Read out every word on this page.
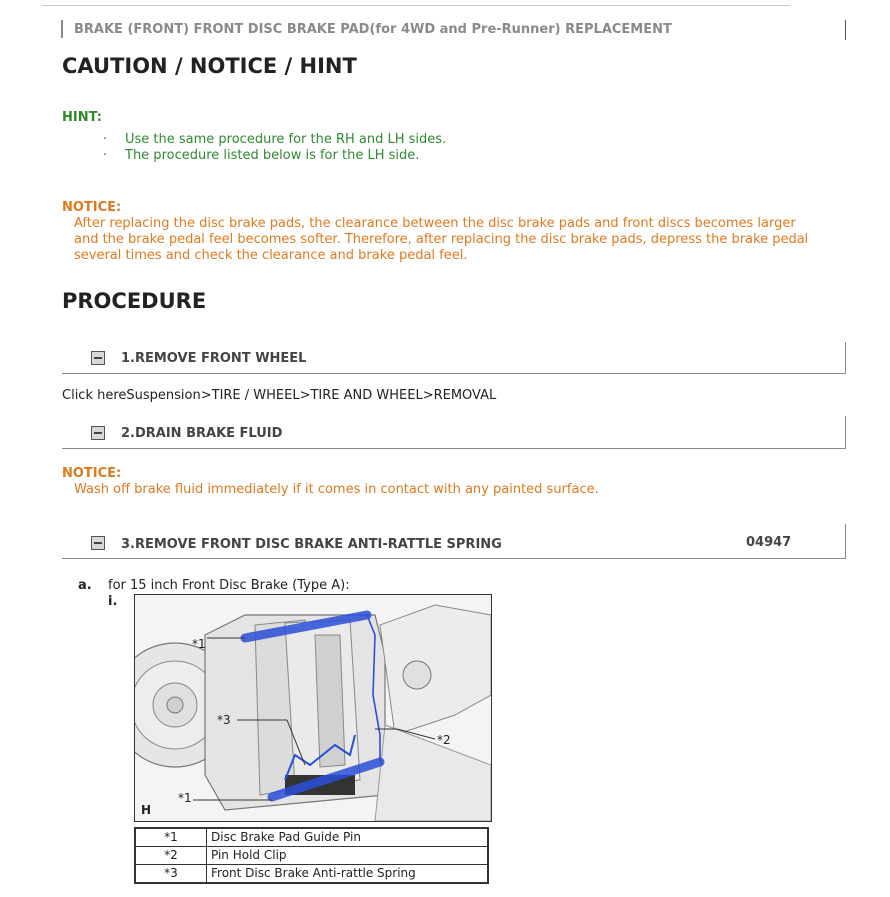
BRAKE (FRONT) FRONT DISC BRAKE PAD(for 4WD and Pre-Runner) REPLACEMENT
CAUTION / NOTICE / HINT
HINT:
· Use the same procedure for the RH and LH sides.
· The procedure listed below is for the LH side.
NOTICE:
After replacing the disc brake pads, the clearance between the disc brake pads and front discs becomes larger
and the brake pedal feel becomes softer. Therefore, after replacing the disc brake pads, depress the brake pedal
several times and check the clearance and brake pedal feel.
PROCEDURE
1.REMOVE FRONT WHEEL
Click hereSuspension>TIRE / WHEEL>TIRE AND WHEEL>REMOVAL
2.DRAIN BRAKE FLUID
NOTICE:
Wash off brake fluid immediately if it comes in contact with any painted surface.
3.REMOVE FRONT DISC BRAKE ANTI-RATTLE SPRING	04947
a. for 15 inch Front Disc Brake (Type A):
i.
*1
*3
*2
*1
H
*1	Disc Brake Pad Guide Pin
*2	Pin Hold Clip
*3	Front Disc Brake Anti-rattle Spring
